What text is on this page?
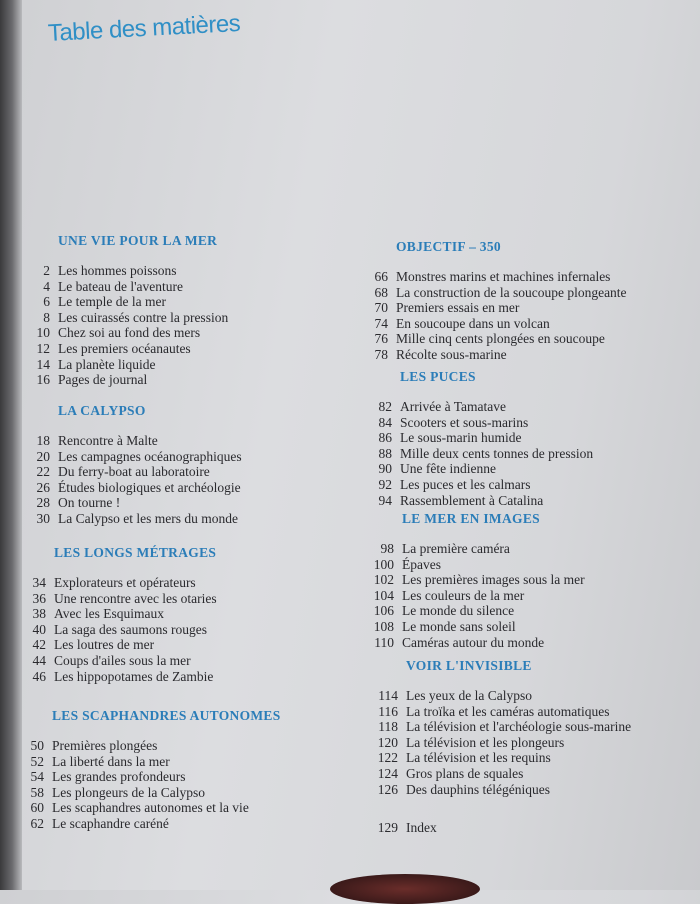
Table des matières
UNE VIE POUR LA MER
2 Les hommes poissons
4 Le bateau de l'aventure
6 Le temple de la mer
8 Les cuirassés contre la pression
10 Chez soi au fond des mers
12 Les premiers océanautes
14 La planète liquide
16 Pages de journal
LA CALYPSO
18 Rencontre à Malte
20 Les campagnes océanographiques
22 Du ferry-boat au laboratoire
26 Études biologiques et archéologie
28 On tourne !
30 La Calypso et les mers du monde
LES LONGS MÉTRAGES
34 Explorateurs et opérateurs
36 Une rencontre avec les otaries
38 Avec les Esquimaux
40 La saga des saumons rouges
42 Les loutres de mer
44 Coups d'ailes sous la mer
46 Les hippopotames de Zambie
LES SCAPHANDRES AUTONOMES
50 Premières plongées
52 La liberté dans la mer
54 Les grandes profondeurs
58 Les plongeurs de la Calypso
60 Les scaphandres autonomes et la vie
62 Le scaphandre caréné
OBJECTIF – 350
66 Monstres marins et machines infernales
68 La construction de la soucoupe plongeante
70 Premiers essais en mer
74 En soucoupe dans un volcan
76 Mille cinq cents plongées en soucoupe
78 Récolte sous-marine
LES PUCES
82 Arrivée à Tamatave
84 Scooters et sous-marins
86 Le sous-marin humide
88 Mille deux cents tonnes de pression
90 Une fête indienne
92 Les puces et les calmars
94 Rassemblement à Catalina
LE MER EN IMAGES
98 La première caméra
100 Épaves
102 Les premières images sous la mer
104 Les couleurs de la mer
106 Le monde du silence
108 Le monde sans soleil
110 Caméras autour du monde
VOIR L'INVISIBLE
114 Les yeux de la Calypso
116 La troïka et les caméras automatiques
118 La télévision et l'archéologie sous-marine
120 La télévision et les plongeurs
122 La télévision et les requins
124 Gros plans de squales
126 Des dauphins télégéniques
129 Index
